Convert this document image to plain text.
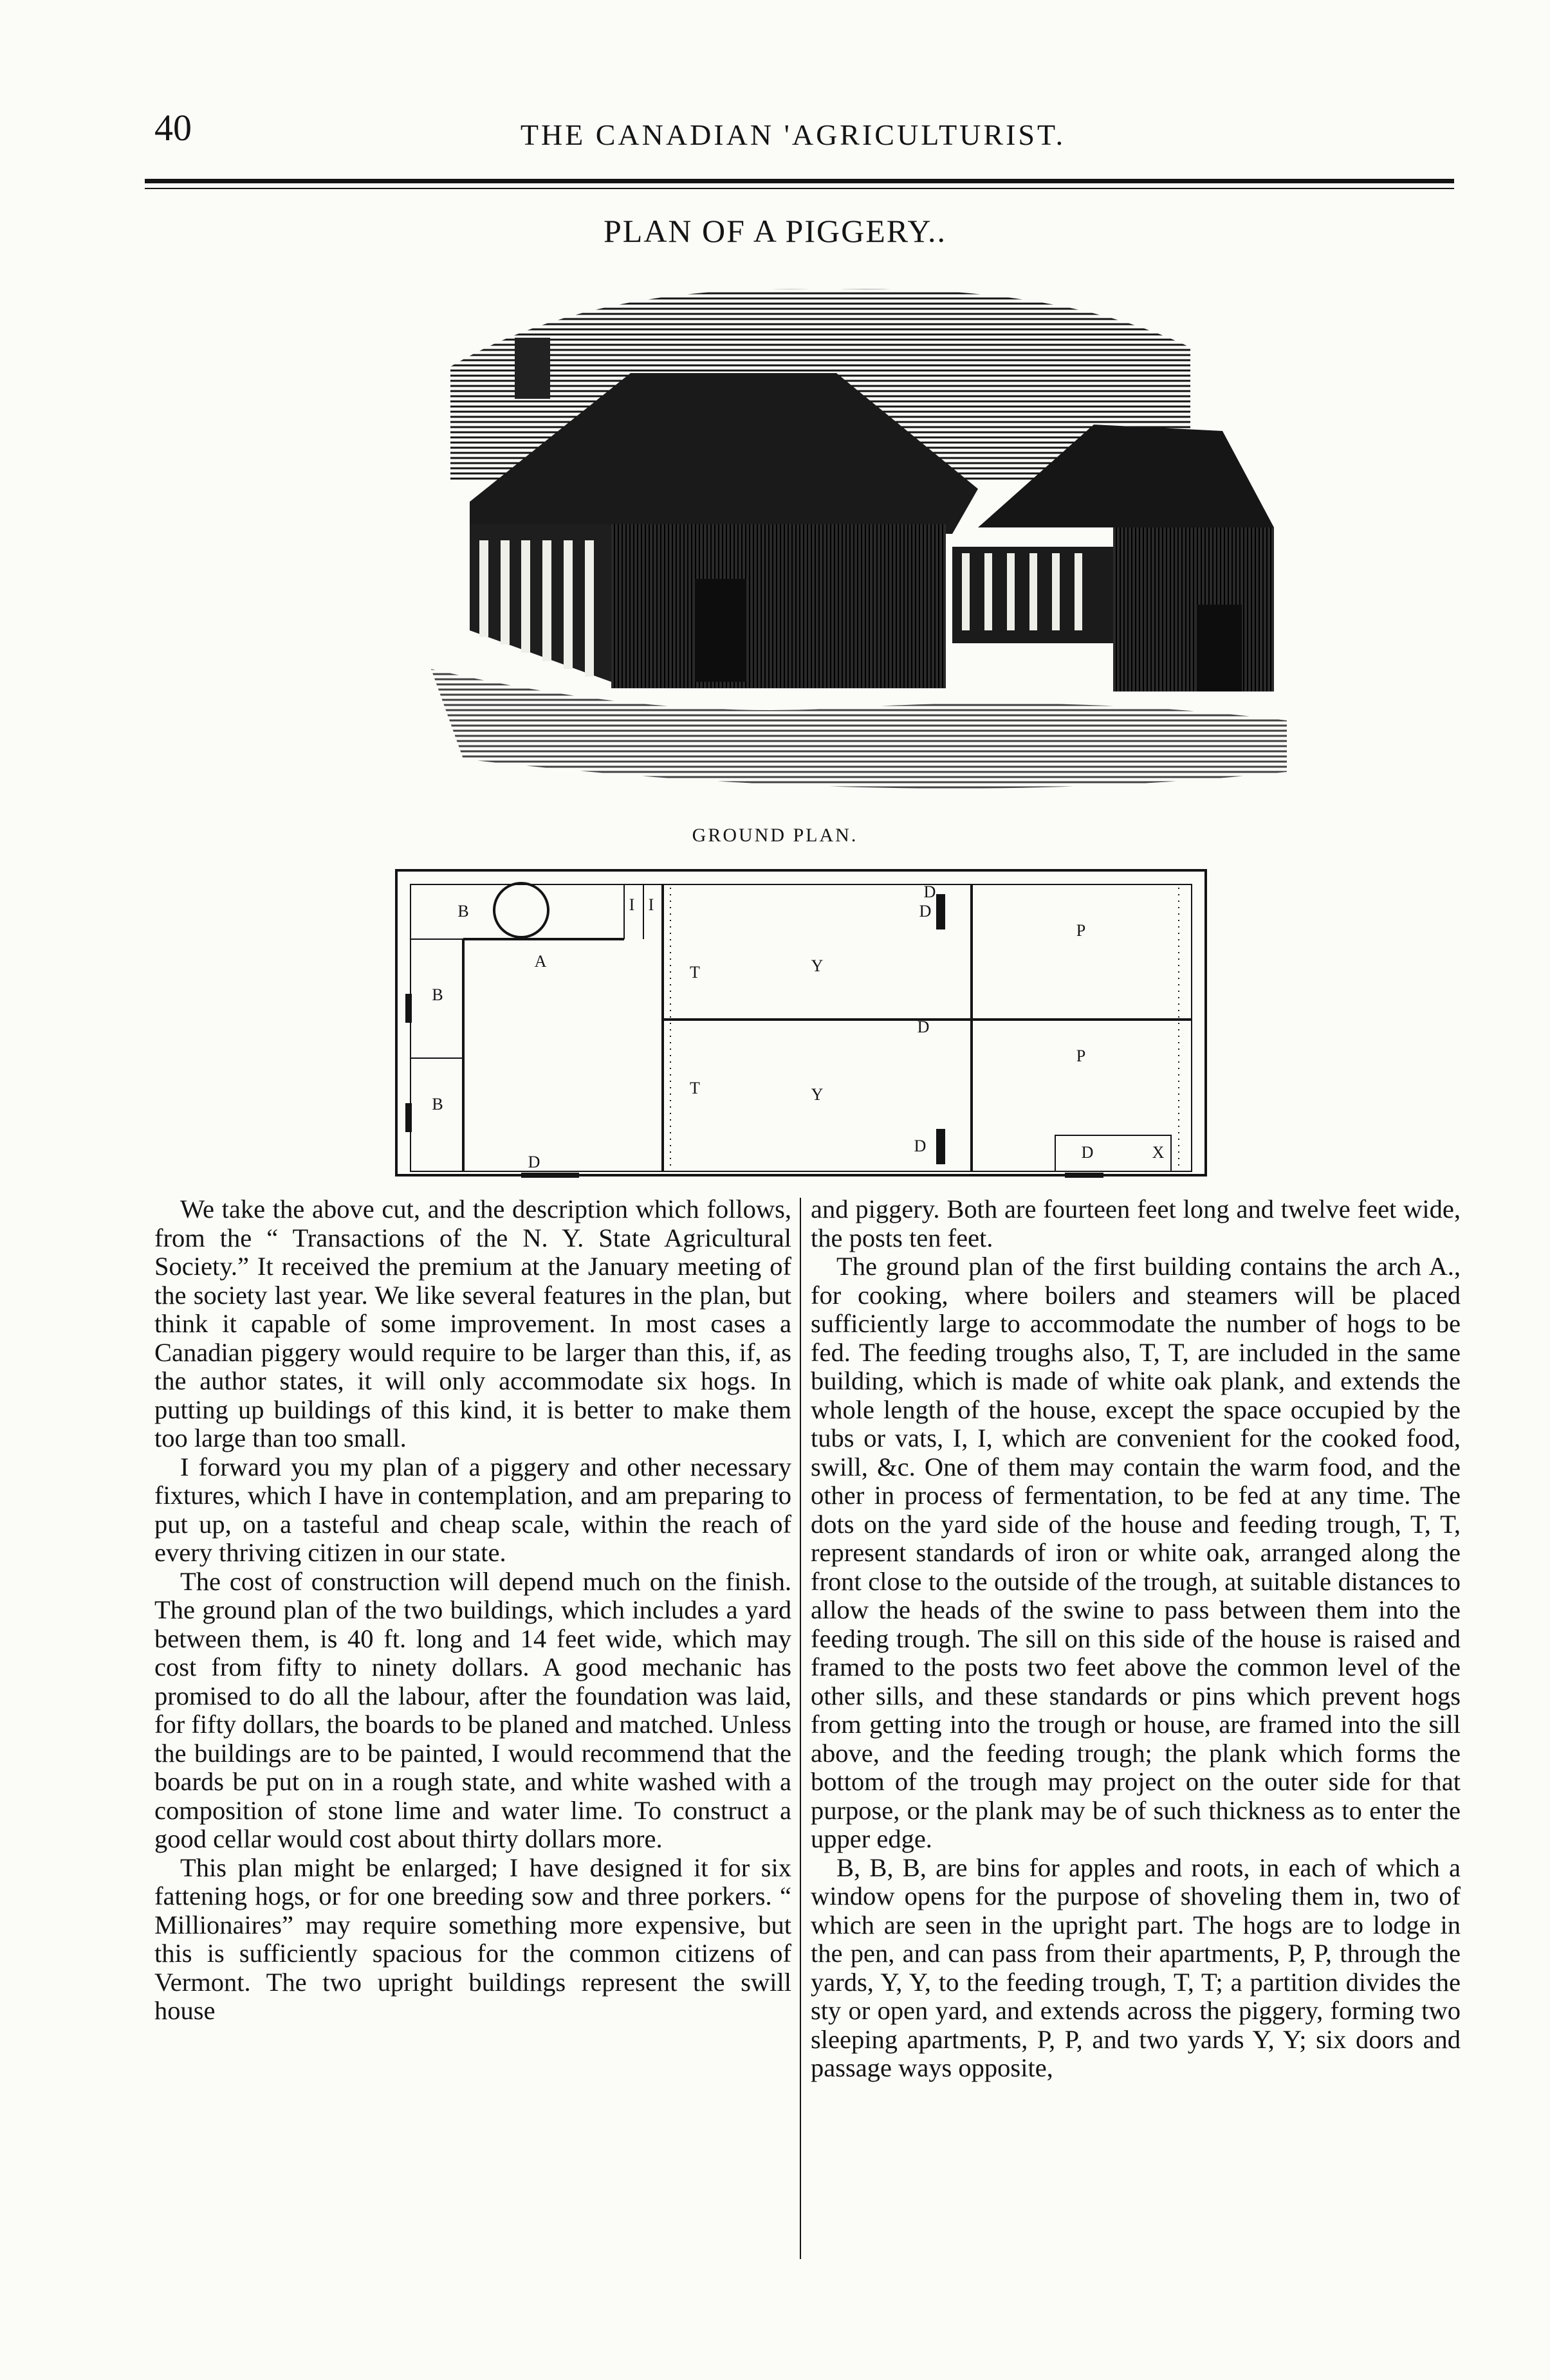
40	THE CANADIAN 'AGRICULTURIST.
PLAN OF A PIGGERY..
GROUND PLAN.
B
B
B
A
I I
T
T
Y
Y
D
D
D
D
D
D
P
P
X

We take the above cut, and the description which follows, from the “ Transactions of the N. Y. State Agricultural Society.” It received the premium at the January meeting of the society last year. We like several features in the plan, but think it capable of some improvement. In most cases a Canadian piggery would require to be larger than this, if, as the author states, it will only accommodate six hogs. In putting up buildings of this kind, it is better to make them too large than too small.

I forward you my plan of a piggery and other necessary fixtures, which I have in contemplation, and am preparing to put up, on a tasteful and cheap scale, within the reach of every thriving citizen in our state.

The cost of construction will depend much on the finish. The ground plan of the two buildings, which includes a yard between them, is 40 ft. long and 14 feet wide, which may cost from fifty to ninety dollars. A good mechanic has promised to do all the labour, after the foundation was laid, for fifty dollars, the boards to be planed and matched. Unless the buildings are to be painted, I would recommend that the boards be put on in a rough state, and white washed with a composition of stone lime and water lime. To construct a good cellar would cost about thirty dollars more.

This plan might be enlarged; I have designed it for six fattening hogs, or for one breeding sow and three porkers. “ Millionaires” may require something more expensive, but this is sufficiently spacious for the common citizens of Vermont. The two upright buildings represent the swill house

and piggery. Both are fourteen feet long and twelve feet wide, the posts ten feet.

The ground plan of the first building contains the arch A., for cooking, where boilers and steamers will be placed sufficiently large to accommodate the number of hogs to be fed. The feeding troughs also, T, T, are included in the same building, which is made of white oak plank, and extends the whole length of the house, except the space occupied by the tubs or vats, I, I, which are convenient for the cooked food, swill, &c. One of them may contain the warm food, and the other in process of fermentation, to be fed at any time. The dots on the yard side of the house and feeding trough, T, T, represent standards of iron or white oak, arranged along the front close to the outside of the trough, at suitable distances to allow the heads of the swine to pass between them into the feeding trough. The sill on this side of the house is raised and framed to the posts two feet above the common level of the other sills, and these standards or pins which prevent hogs from getting into the trough or house, are framed into the sill above, and the feeding trough; the plank which forms the bottom of the trough may project on the outer side for that purpose, or the plank may be of such thickness as to enter the upper edge.

B, B, B, are bins for apples and roots, in each of which a window opens for the purpose of shoveling them in, two of which are seen in the upright part. The hogs are to lodge in the pen, and can pass from their apartments, P, P, through the yards, Y, Y, to the feeding trough, T, T; a partition divides the sty or open yard, and extends across the piggery, forming two sleeping apartments, P, P, and two yards Y, Y; six doors and passage ways opposite,
